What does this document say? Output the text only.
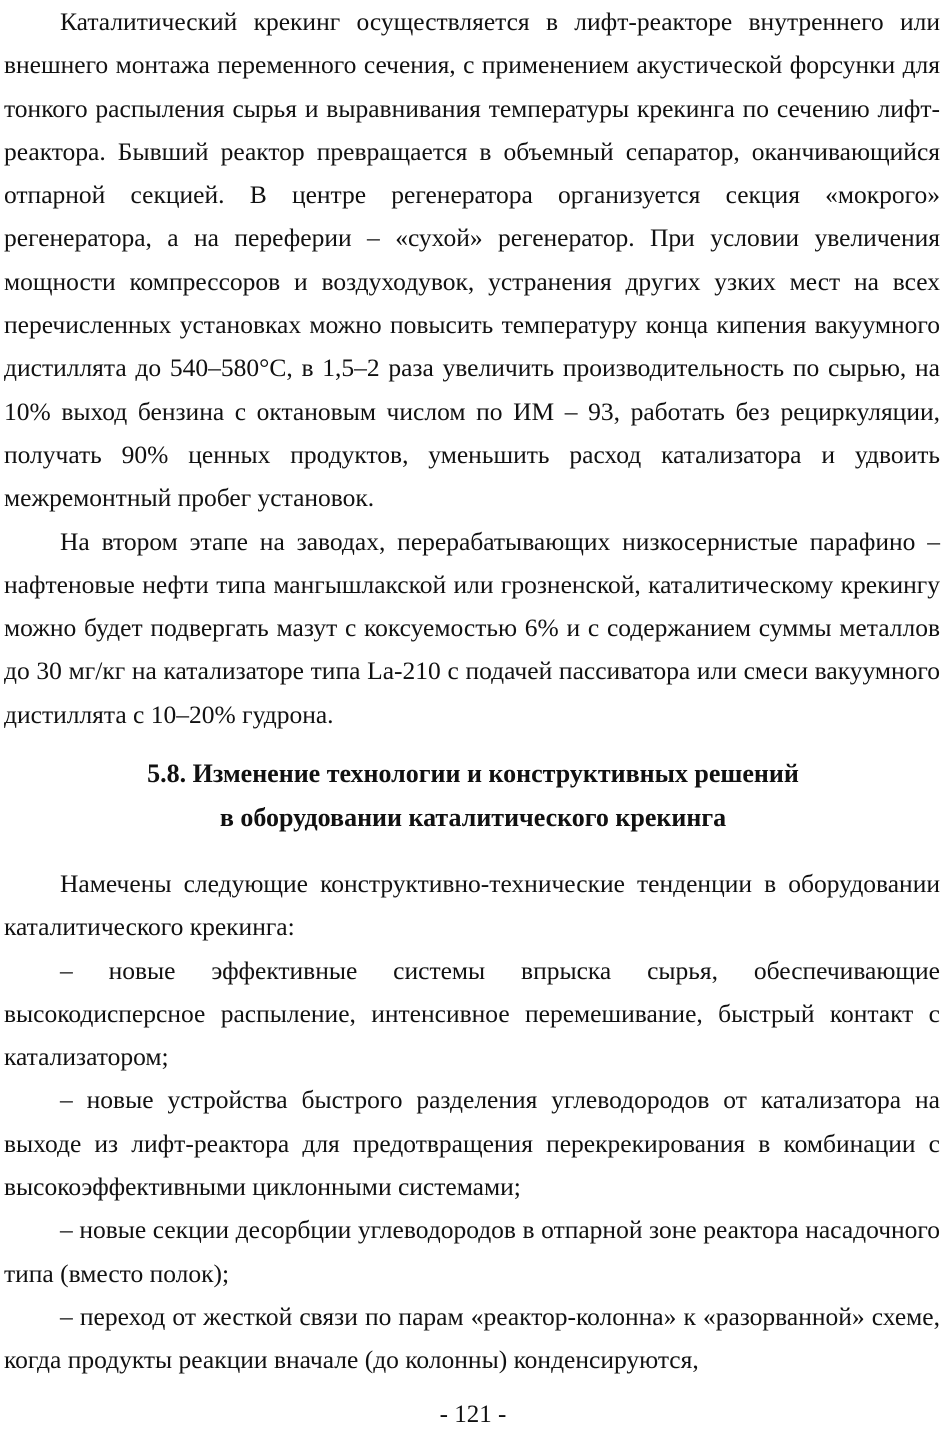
Каталитический крекинг осуществляется в лифт-реакторе внутреннего или внешнего монтажа переменного сечения, с применением акустической форсунки для тонкого распыления сырья и выравнивания температуры крекинга по сечению лифт-реактора. Бывший реактор превращается в объемный сепаратор, оканчивающийся отпарной секцией. В центре регенератора организуется секция «мокрого» регенератора, а на переферии – «сухой» регенератор. При условии увеличения мощности компрессоров и воздуходувок, устранения других узких мест на всех перечисленных установках можно повысить температуру конца кипения вакуумного дистиллята до 540–580°С, в 1,5–2 раза увеличить производительность по сырью, на 10% выход бензина с октановым числом по ИМ – 93, работать без рециркуляции, получать 90% ценных продуктов, уменьшить расход катализатора и удвоить межремонтный пробег установок.

На втором этапе на заводах, перерабатывающих низкосернистые парафино –нафтеновые нефти типа мангышлакской или грозненской, каталитическому крекингу можно будет подвергать мазут с коксуемостью 6% и с содержанием суммы металлов до 30 мг/кг на катализаторе типа La-210 с подачей пассиватора или смеси вакуумного дистиллята с 10–20% гудрона.

5.8. Изменение технологии и конструктивных решений
в оборудовании каталитического крекинга

Намечены следующие конструктивно-технические тенденции в оборудовании каталитического крекинга:

– новые эффективные системы впрыска сырья, обеспечивающие высокодисперсное распыление, интенсивное перемешивание, быстрый контакт с катализатором;

– новые устройства быстрого разделения углеводородов от катализатора на выходе из лифт-реактора для предотвращения перекрекирования в комбинации с высокоэффективными циклонными системами;

– новые секции десорбции углеводородов в отпарной зоне реактора насадочного типа (вместо полок);

– переход от жесткой связи по парам «реактор-колонна» к «разорванной» схеме, когда продукты реакции вначале (до колонны) конденсируются,

- 121 -
